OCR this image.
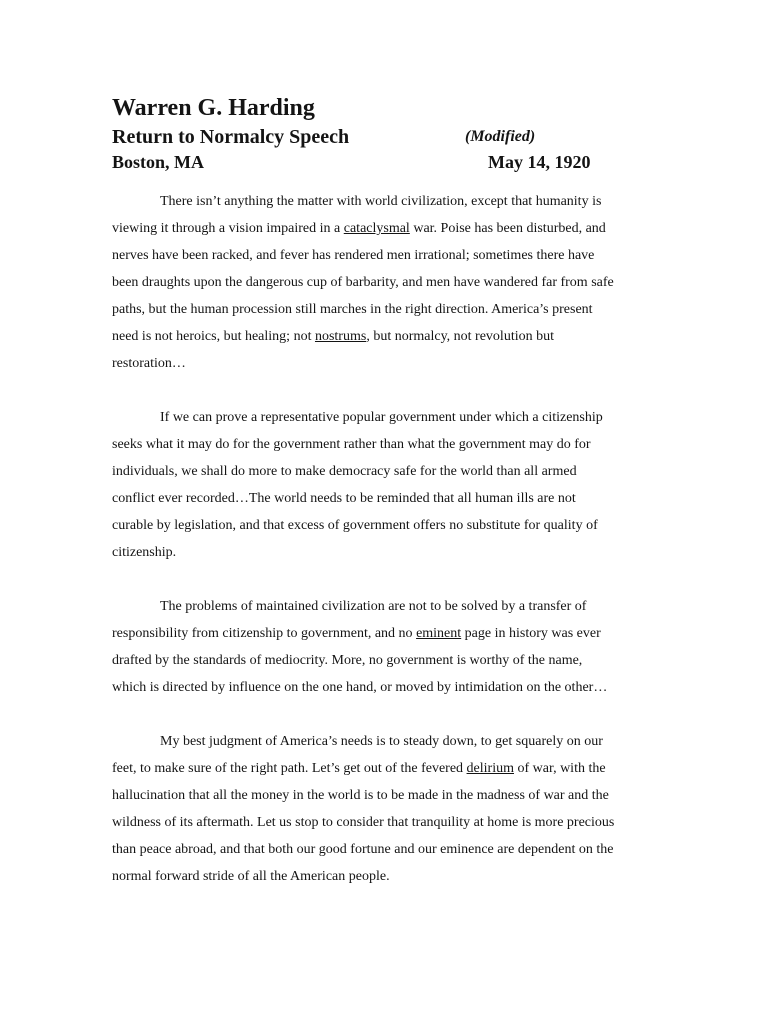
Warren G. Harding
Return to Normalcy Speech	(Modified)
Boston, MA	May 14, 1920
There isn’t anything the matter with world civilization, except that humanity is
viewing it through a vision impaired in a cataclysmal war. Poise has been disturbed, and
nerves have been racked, and fever has rendered men irrational; sometimes there have
been draughts upon the dangerous cup of barbarity, and men have wandered far from safe
paths, but the human procession still marches in the right direction. America’s present
need is not heroics, but healing; not nostrums, but normalcy, not revolution but
restoration…
If we can prove a representative popular government under which a citizenship
seeks what it may do for the government rather than what the government may do for
individuals, we shall do more to make democracy safe for the world than all armed
conflict ever recorded…The world needs to be reminded that all human ills are not
curable by legislation, and that excess of government offers no substitute for quality of
citizenship.
The problems of maintained civilization are not to be solved by a transfer of
responsibility from citizenship to government, and no eminent page in history was ever
drafted by the standards of mediocrity. More, no government is worthy of the name,
which is directed by influence on the one hand, or moved by intimidation on the other…
My best judgment of America’s needs is to steady down, to get squarely on our
feet, to make sure of the right path. Let’s get out of the fevered delirium of war, with the
hallucination that all the money in the world is to be made in the madness of war and the
wildness of its aftermath. Let us stop to consider that tranquility at home is more precious
than peace abroad, and that both our good fortune and our eminence are dependent on the
normal forward stride of all the American people.
